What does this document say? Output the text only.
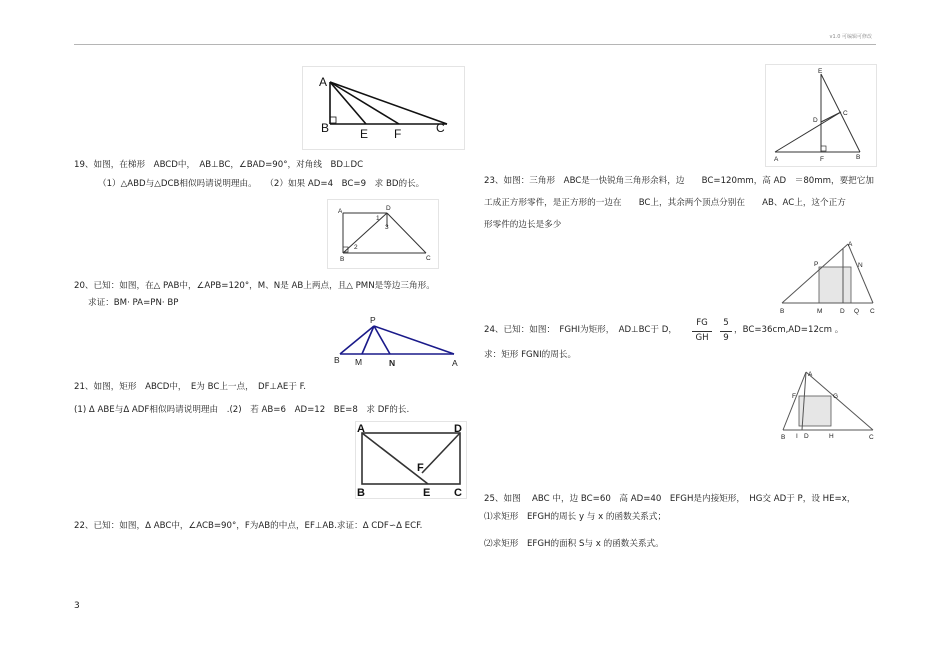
v1.0 可编辑可修改
A
B	E F	C
19、如图，在梯形　ABCD中，　AB⊥BC，∠BAD=90°，对角线　BD⊥DC
（1）△ABD与△DCB相似吗请说明理由。　　（2）如果 AD=4　BC=9　求 BD的长。
A	D
1
3
2
B	C
20、已知：如图，在△ PAB中，∠APB=120°，M、N是 AB上两点，且△ PMN是等边三角形。
求证：BM· PA=PN· BP
P
B M	N	A
21、如图，矩形　ABCD中，　E为 BC上一点，　DF⊥AE于 F.
(1) Δ ABE与Δ ADF相似吗请说明理由　.(2)　若 AB=6　AD=12　BE=8　求 DF的长.
A	D
F
B	E C
22、已知：如图，Δ ABC中，∠ACB=90°，F为AB的中点，EF⊥AB.求证：Δ CDF∽Δ ECF.
3
E
D
C
A	F	B
23、如图：三角形　ABC是一快锐角三角形余料，边　　BC=120mm，高 AD　＝80mm，要把它加
工成正方形零件，是正方形的一边在　　BC上，其余两个顶点分别在　　AB、AC上，这个正方
形零件的边长是多少
A
P	N
B	M	D Q C
24、已知：如图：　FGHI为矩形，　AD⊥BC于 D，
FG
GH
5
9
，BC=36cm,AD=12cm 。
求：矩形 FGNI的周长。
A
F	G
B I D	H	C
25、如图　 ABC 中，边 BC=60　高 AD=40　EFGH是内接矩形，　HG交 AD于 P，设 HE=x，
⑴求矩形　EFGH的周长 y 与 x 的函数关系式；
⑵求矩形　EFGH的面积 S与 x 的函数关系式。
